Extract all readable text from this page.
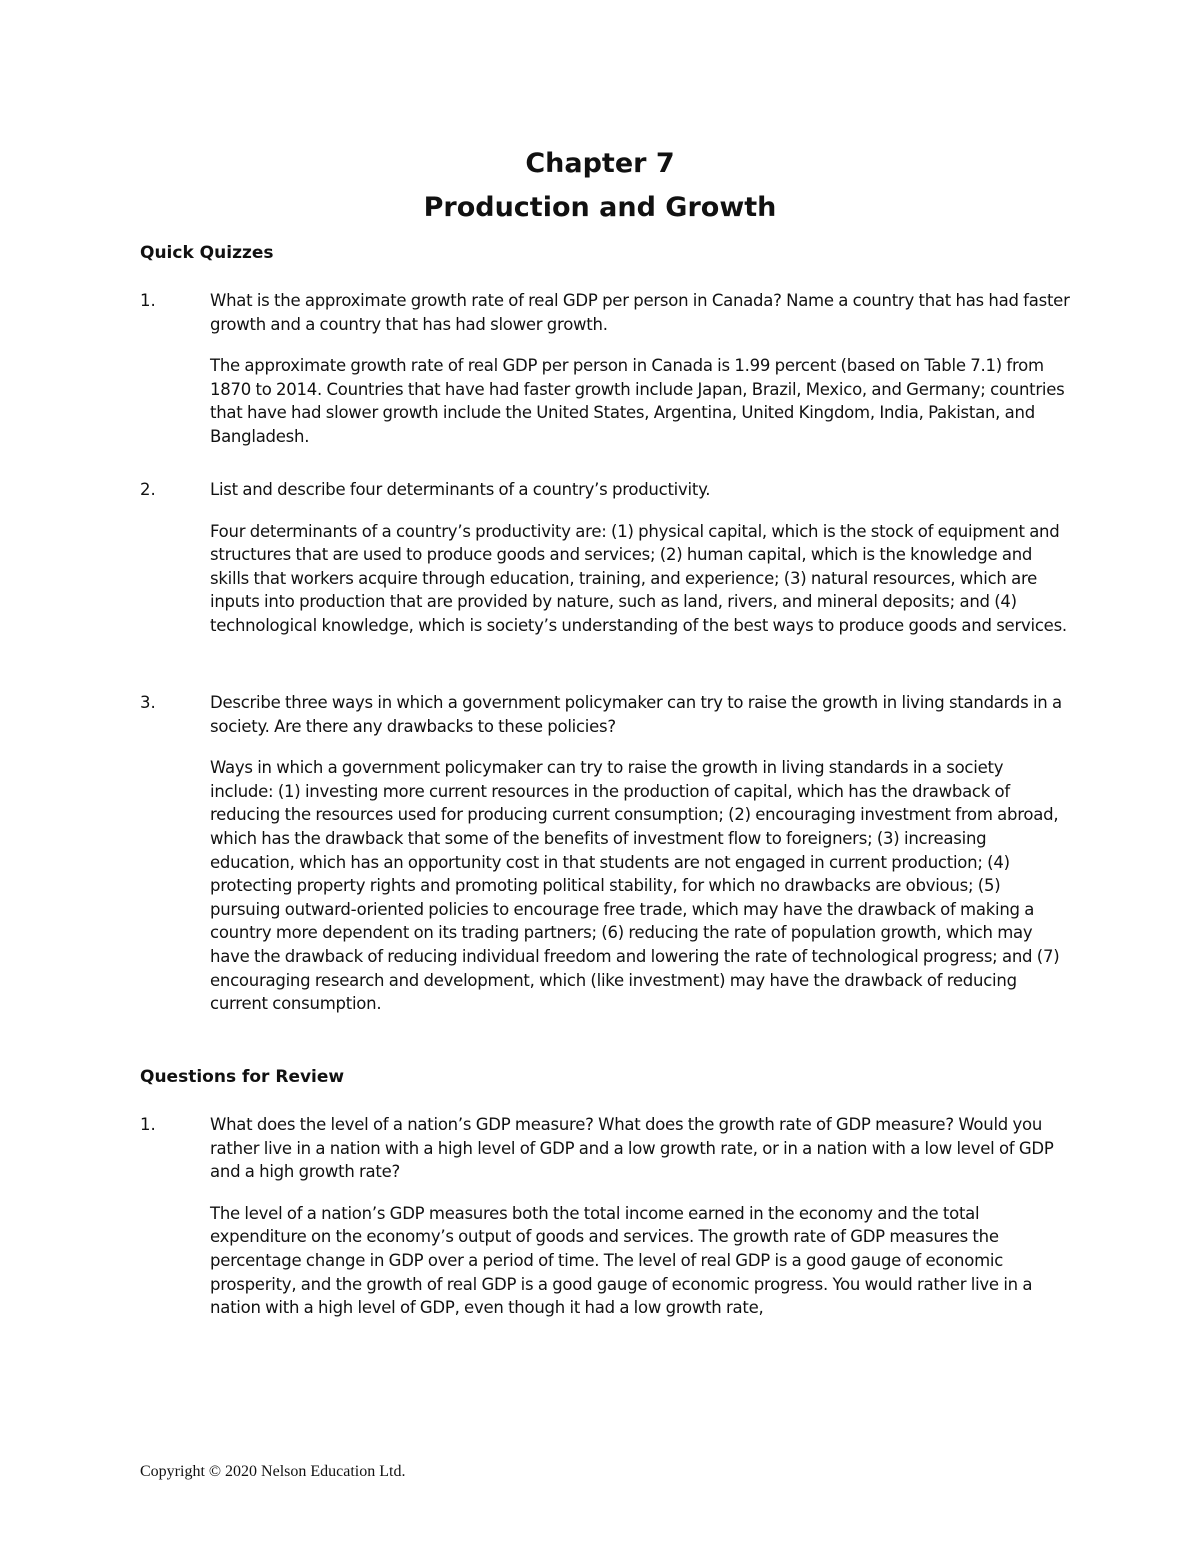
Chapter 7
Production and Growth
Quick Quizzes
1.	What is the approximate growth rate of real GDP per person in Canada? Name a country that has had faster growth and a country that has had slower growth.
The approximate growth rate of real GDP per person in Canada is 1.99 percent (based on Table 7.1) from 1870 to 2014. Countries that have had faster growth include Japan, Brazil, Mexico, and Germany; countries that have had slower growth include the United States, Argentina, United Kingdom, India, Pakistan, and Bangladesh.
2.	List and describe four determinants of a country’s productivity.
Four determinants of a country’s productivity are: (1) physical capital, which is the stock of equipment and structures that are used to produce goods and services; (2) human capital, which is the knowledge and skills that workers acquire through education, training, and experience; (3) natural resources, which are inputs into production that are provided by nature, such as land, rivers, and mineral deposits; and (4) technological knowledge, which is society’s understanding of the best ways to produce goods and services.
3.	Describe three ways in which a government policymaker can try to raise the growth in living standards in a society. Are there any drawbacks to these policies?
Ways in which a government policymaker can try to raise the growth in living standards in a society include: (1) investing more current resources in the production of capital, which has the drawback of reducing the resources used for producing current consumption; (2) encouraging investment from abroad, which has the drawback that some of the benefits of investment flow to foreigners; (3) increasing education, which has an opportunity cost in that students are not engaged in current production; (4) protecting property rights and promoting political stability, for which no drawbacks are obvious; (5) pursuing outward-oriented policies to encourage free trade, which may have the drawback of making a country more dependent on its trading partners; (6) reducing the rate of population growth, which may have the drawback of reducing individual freedom and lowering the rate of technological progress; and (7) encouraging research and development, which (like investment) may have the drawback of reducing current consumption.
Questions for Review
1.	What does the level of a nation’s GDP measure? What does the growth rate of GDP measure? Would you rather live in a nation with a high level of GDP and a low growth rate, or in a nation with a low level of GDP and a high growth rate?
The level of a nation’s GDP measures both the total income earned in the economy and the total expenditure on the economy’s output of goods and services. The growth rate of GDP measures the percentage change in GDP over a period of time. The level of real GDP is a good gauge of economic prosperity, and the growth of real GDP is a good gauge of economic progress. You would rather live in a nation with a high level of GDP, even though it had a low growth rate,
Copyright © 2020 Nelson Education Ltd.
